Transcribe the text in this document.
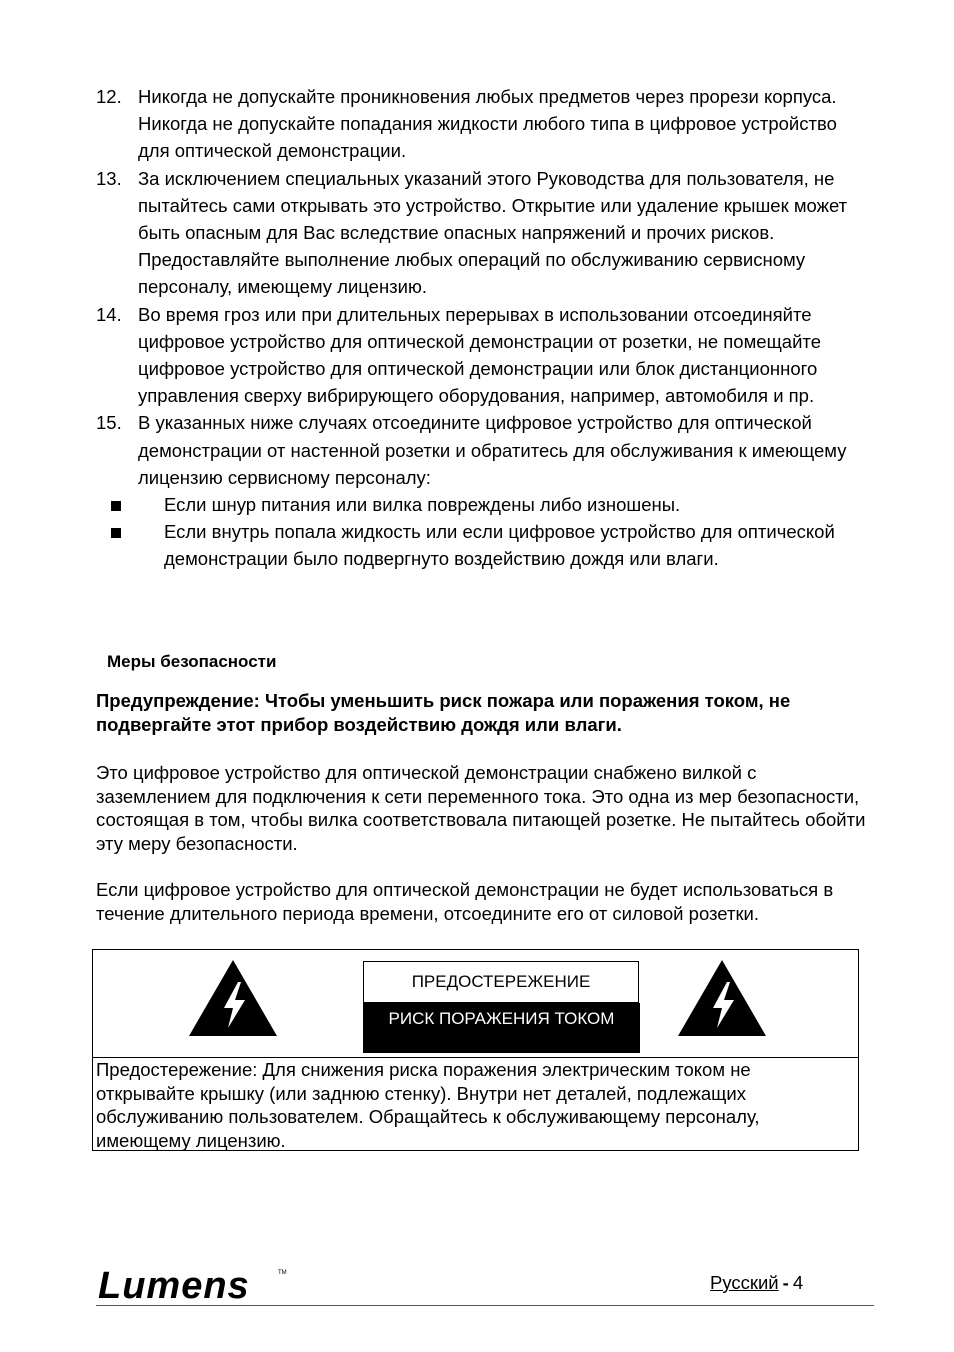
12. Никогда не допускайте проникновения любых предметов через прорези корпуса. Никогда не допускайте попадания жидкости любого типа в цифровое устройство для оптической демонстрации.
13. За исключением специальных указаний этого Руководства для пользователя, не пытайтесь сами открывать это устройство. Открытие или удаление крышек может быть опасным для Вас вследствие опасных напряжений и прочих рисков. Предоставляйте выполнение любых операций по обслуживанию сервисному персоналу, имеющему лицензию.
14. Во время гроз или при длительных перерывах в использовании отсоединяйте цифровое устройство для оптической демонстрации от розетки, не помещайте цифровое устройство для оптической демонстрации или блок дистанционного управления сверху вибрирующего оборудования, например, автомобиля и пр.
15. В указанных ниже случаях отсоедините цифровое устройство для оптической демонстрации от настенной розетки и обратитесь для обслуживания к имеющему лицензию сервисному персоналу:
Если шнур питания или вилка повреждены либо изношены.
Если внутрь попала жидкость или если цифровое устройство для оптической демонстрации было подвергнуто воздействию дождя или влаги.
Меры безопасности
Предупреждение: Чтобы уменьшить риск пожара или поражения током, не подвергайте этот прибор воздействию дождя или влаги.
Это цифровое устройство для оптической демонстрации снабжено вилкой с заземлением для подключения к сети переменного тока. Это одна из мер безопасности, состоящая в том, чтобы вилка соответствовала питающей розетке. Не пытайтесь обойти эту меру безопасности.
Если цифровое устройство для оптической демонстрации не будет использоваться в течение длительного периода времени, отсоедините его от силовой розетки.
ПРЕДОСТЕРЕЖЕНИЕ
РИСК ПОРАЖЕНИЯ ТОКОМ
Предостережение: Для снижения риска поражения электрическим током не открывайте крышку (или заднюю стенку). Внутри нет деталей, подлежащих обслуживанию пользователем. Обращайтесь к обслуживающему персоналу, имеющему лицензию.
Lumens	TM	Русский - 4
